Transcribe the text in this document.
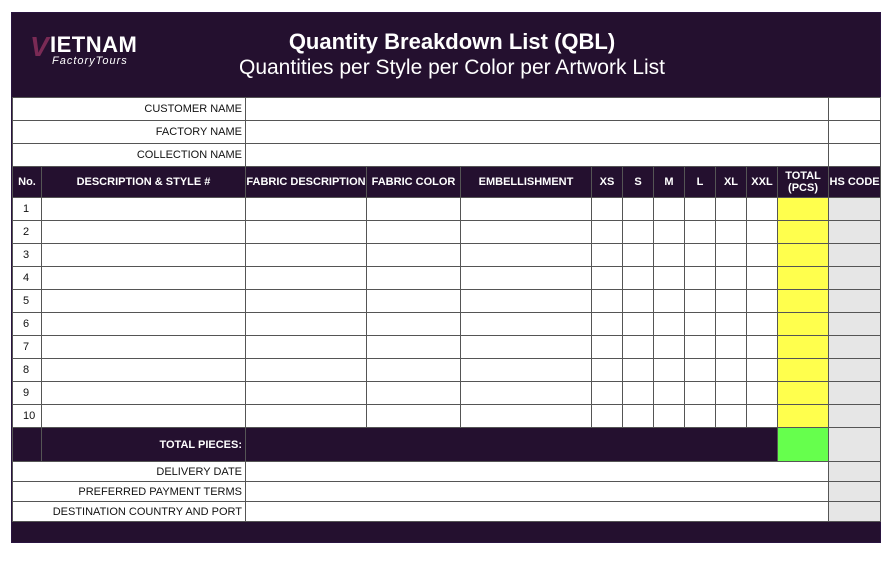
V IETNAM
FactoryTours
Quantity Breakdown List (QBL)
Quantities per Style per Color per Artwork List
CUSTOMER NAME												
FACTORY NAME												
COLLECTION NAME												
No.	DESCRIPTION & STYLE #	FABRIC DESCRIPTION	FABRIC COLOR	EMBELLISHMENT	XS	S	M	L	XL	XXL	TOTAL (PCS)	HS CODE
1												
2												
3												
4												
5												
6												
7												
8												
9												
10												
	TOTAL PIECES:											
DELIVERY DATE												
PREFERRED PAYMENT TERMS												
DESTINATION COUNTRY AND PORT												
